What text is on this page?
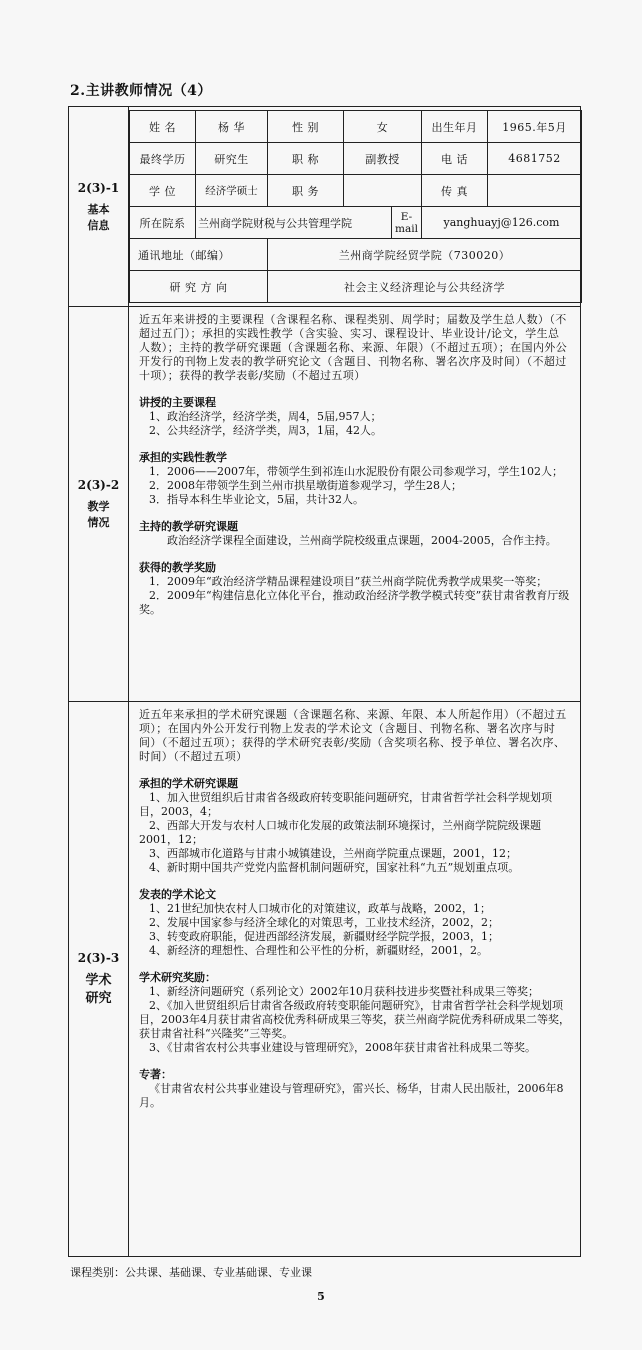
2.主讲教师情况（4）
2(3)-1
基本信息

姓 名	杨 华	性 别	女	出生年月	1965.年5月
最终学历	研究生	职 称	副教授	电 话	4681752
学 位	经济学硕士	职 务		传 真	
所在院系	兰州商学院财税与公共管理学院	E-mail	yanghuayj@126.com
通讯地址（邮编）	兰州商学院经贸学院（730020）
研 究 方 向	社会主义经济理论与公共经济学

2(3)-2
教学情况

近五年来讲授的主要课程（含课程名称、课程类别、周学时；届数及学生总人数）（不超过五门）；承担的实践性教学（含实验、实习、课程设计、毕业设计/论文，学生总人数）；主持的教学研究课题（含课题名称、来源、年限）（不超过五项）；在国内外公开发行的刊物上发表的教学研究论文（含题目、刊物名称、署名次序及时间）（不超过十项）；获得的教学表彰/奖励（不超过五项）

讲授的主要课程

1、政治经济学，经济学类，周4，5届,957人；

2、公共经济学，经济学类，周3，1届，42人。

承担的实践性教学

1．2006——2007年，带领学生到祁连山水泥股份有限公司参观学习，学生102人；

2．2008年带领学生到兰州市拱星墩街道参观学习，学生28人；

3．指导本科生毕业论文，5届，共计32人。

主持的教学研究课题

政治经济学课程全面建设，兰州商学院校级重点课题，2004-2005，合作主持。

获得的教学奖励

1．2009年“政治经济学精品课程建设项目”获兰州商学院优秀教学成果奖一等奖；

2．2009年“构建信息化立体化平台，推动政治经济学教学模式转变”获甘肃省教育厅级奖。

2(3)-3
学术研究

近五年来承担的学术研究课题（含课题名称、来源、年限、本人所起作用）（不超过五项）；在国内外公开发行刊物上发表的学术论文（含题目、刊物名称、署名次序与时间）（不超过五项）；获得的学术研究表彰/奖励（含奖项名称、授予单位、署名次序、时间）（不超过五项）

承担的学术研究课题

1、加入世贸组织后甘肃省各级政府转变职能问题研究，甘肃省哲学社会科学规划项目，2003，4；

2、西部大开发与农村人口城市化发展的政策法制环境探讨，兰州商学院院级课题 2001，12；

3、西部城市化道路与甘肃小城镇建设，兰州商学院重点课题，2001，12；

4、新时期中国共产党党内监督机制问题研究，国家社科“九五”规划重点项。

发表的学术论文

1、21世纪加快农村人口城市化的对策建议，政革与战略，2002，1；

2、发展中国家参与经济全球化的对策思考，工业技术经济，2002，2；

3、转变政府职能，促进西部经济发展，新疆财经学院学报，2003，1；

4、新经济的理想性、合理性和公平性的分析，新疆财经，2001，2。

学术研究奖励：

1、新经济问题研究（系列论文）2002年10月获科技进步奖暨社科成果三等奖；

2、《加入世贸组织后甘肃省各级政府转变职能问题研究》，甘肃省哲学社会科学规划项目，2003年4月获甘肃省高校优秀科研成果三等奖，获兰州商学院优秀科研成果二等奖，获甘肃省社科“兴隆奖”三等奖。

3、《甘肃省农村公共事业建设与管理研究》，2008年获甘肃省社科成果二等奖。

专著：

《甘肃省农村公共事业建设与管理研究》，雷兴长、杨华，甘肃人民出版社，2006年8月。

课程类别：公共课、基础课、专业基础课、专业课
5
